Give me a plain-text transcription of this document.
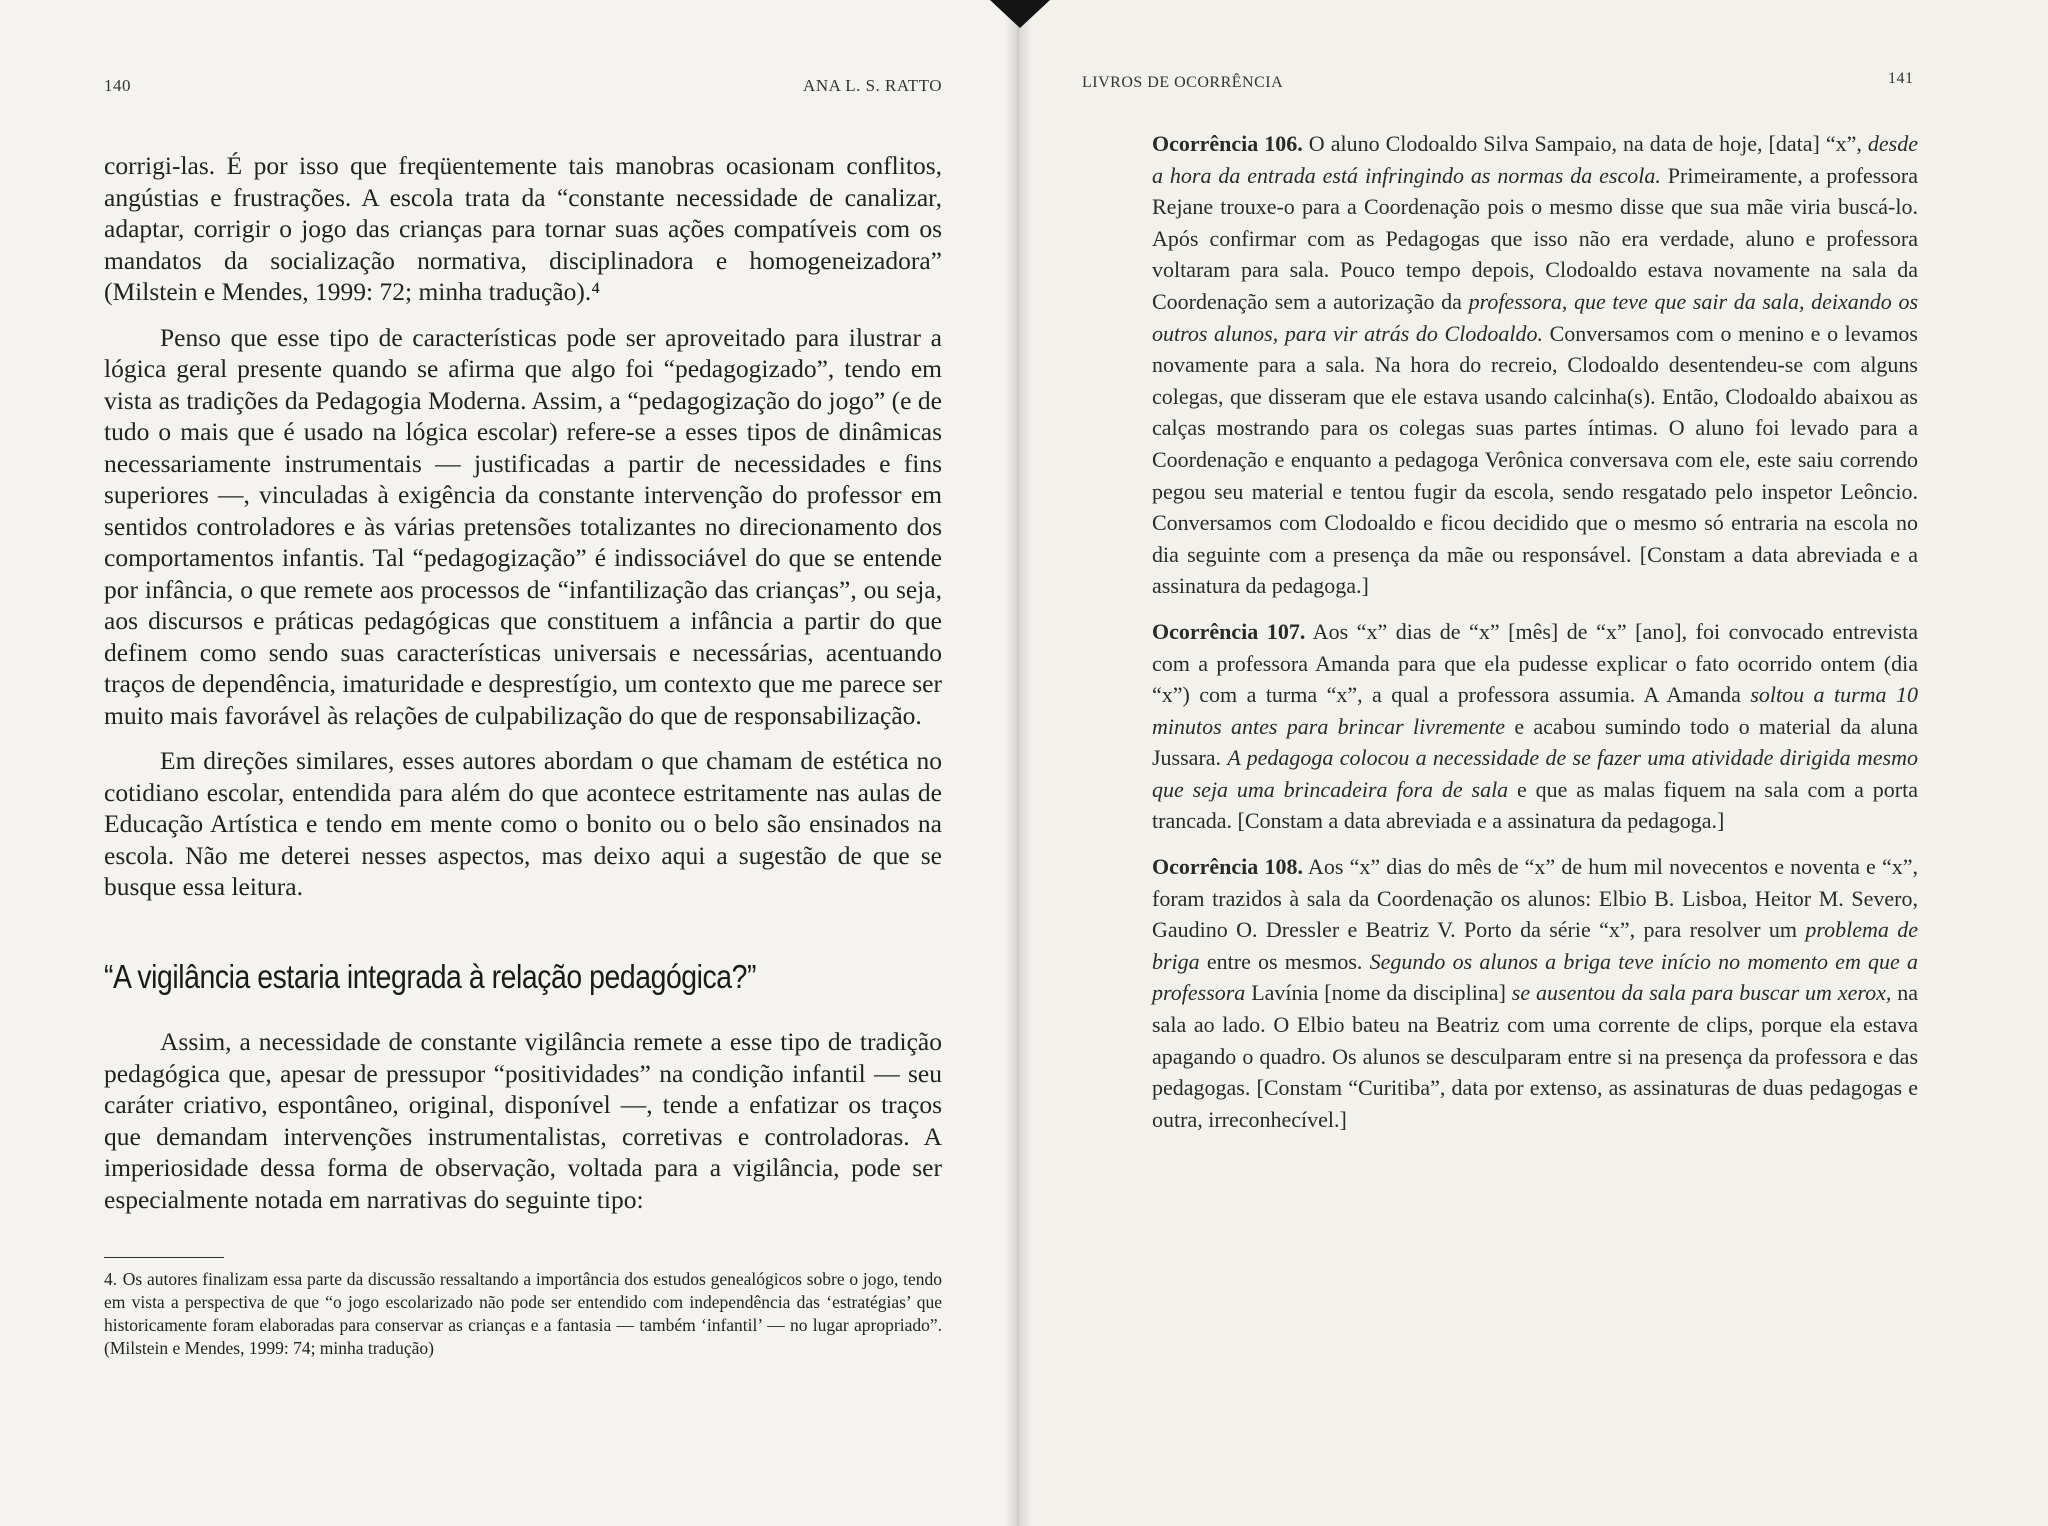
140	ANA L. S. RATTO

corrigi-las. É por isso que freqüentemente tais manobras ocasionam conflitos, angústias e frustrações. A escola trata da “constante necessidade de canalizar, adaptar, corrigir o jogo das crianças para tornar suas ações compatíveis com os mandatos da socialização normativa, disciplinadora e homogeneizadora” (Milstein e Mendes, 1999: 72; minha tradução).⁴

Penso que esse tipo de características pode ser aproveitado para ilustrar a lógica geral presente quando se afirma que algo foi “pedagogizado”, tendo em vista as tradições da Pedagogia Moderna. Assim, a “pedagogização do jogo” (e de tudo o mais que é usado na lógica escolar) refere-se a esses tipos de dinâmicas necessariamente instrumentais — justificadas a partir de necessidades e fins superiores —, vinculadas à exigência da constante intervenção do professor em sentidos controladores e às várias pretensões totalizantes no direcionamento dos comportamentos infantis. Tal “pedagogização” é indissociável do que se entende por infância, o que remete aos processos de “infantilização das crianças”, ou seja, aos discursos e práticas pedagógicas que constituem a infância a partir do que definem como sendo suas características universais e necessárias, acentuando traços de dependência, imaturidade e desprestígio, um contexto que me parece ser muito mais favorável às relações de culpabilização do que de responsabilização.

Em direções similares, esses autores abordam o que chamam de estética no cotidiano escolar, entendida para além do que acontece estritamente nas aulas de Educação Artística e tendo em mente como o bonito ou o belo são ensinados na escola. Não me deterei nesses aspectos, mas deixo aqui a sugestão de que se busque essa leitura.

“A vigilância estaria integrada à relação pedagógica?”

Assim, a necessidade de constante vigilância remete a esse tipo de tradição pedagógica que, apesar de pressupor “positividades” na condição infantil — seu caráter criativo, espontâneo, original, disponível —, tende a enfatizar os traços que demandam intervenções instrumentalistas, corretivas e controladoras. A imperiosidade dessa forma de observação, voltada para a vigilância, pode ser especialmente notada em narrativas do seguinte tipo:

4. Os autores finalizam essa parte da discussão ressaltando a importância dos estudos genealógicos sobre o jogo, tendo em vista a perspectiva de que “o jogo escolarizado não pode ser entendido com independência das ‘estratégias’ que historicamente foram elaboradas para conservar as crianças e a fantasia — também ‘infantil’ — no lugar apropriado”. (Milstein e Mendes, 1999: 74; minha tradução)

Ocorrência 106. O aluno Clodoaldo Silva Sampaio, na data de hoje, [data] “x”, desde a hora da entrada está infringindo as normas da escola. Primeiramente, a professora Rejane trouxe-o para a Coordenação pois o mesmo disse que sua mãe viria buscá-lo. Após confirmar com as Pedagogas que isso não era verdade, aluno e professora voltaram para sala. Pouco tempo depois, Clodoaldo estava novamente na sala da Coordenação sem a autorização da professora, que teve que sair da sala, deixando os outros alunos, para vir atrás do Clodoaldo. Conversamos com o menino e o levamos novamente para a sala. Na hora do recreio, Clodoaldo desentendeu-se com alguns colegas, que disseram que ele estava usando calcinha(s). Então, Clodoaldo abaixou as calças mostrando para os colegas suas partes íntimas. O aluno foi levado para a Coordenação e enquanto a pedagoga Verônica conversava com ele, este saiu correndo pegou seu material e tentou fugir da escola, sendo resgatado pelo inspetor Leôncio. Conversamos com Clodoaldo e ficou decidido que o mesmo só entraria na escola no dia seguinte com a presença da mãe ou responsável. [Constam a data abreviada e a assinatura da pedagoga.]

Ocorrência 107. Aos “x” dias de “x” [mês] de “x” [ano], foi convocado entrevista com a professora Amanda para que ela pudesse explicar o fato ocorrido ontem (dia “x”) com a turma “x”, a qual a professora assumia. A Amanda soltou a turma 10 minutos antes para brincar livremente e acabou sumindo todo o material da aluna Jussara. A pedagoga colocou a necessidade de se fazer uma atividade dirigida mesmo que seja uma brincadeira fora de sala e que as malas fiquem na sala com a porta trancada. [Constam a data abreviada e a assinatura da pedagoga.]

Ocorrência 108. Aos “x” dias do mês de “x” de hum mil novecentos e noventa e “x”, foram trazidos à sala da Coordenação os alunos: Elbio B. Lisboa, Heitor M. Severo, Gaudino O. Dressler e Beatriz V. Porto da série “x”, para resolver um problema de briga entre os mesmos. Segundo os alunos a briga teve início no momento em que a professora Lavínia [nome da disciplina] se ausentou da sala para buscar um xerox, na sala ao lado. O Elbio bateu na Beatriz com uma corrente de clips, porque ela estava apagando o quadro. Os alunos se desculparam entre si na presença da professora e das pedagogas. [Constam “Curitiba”, data por extenso, as assinaturas de duas pedagogas e outra, irreconhecível.]

LIVROS DE OCORRÊNCIA	141
